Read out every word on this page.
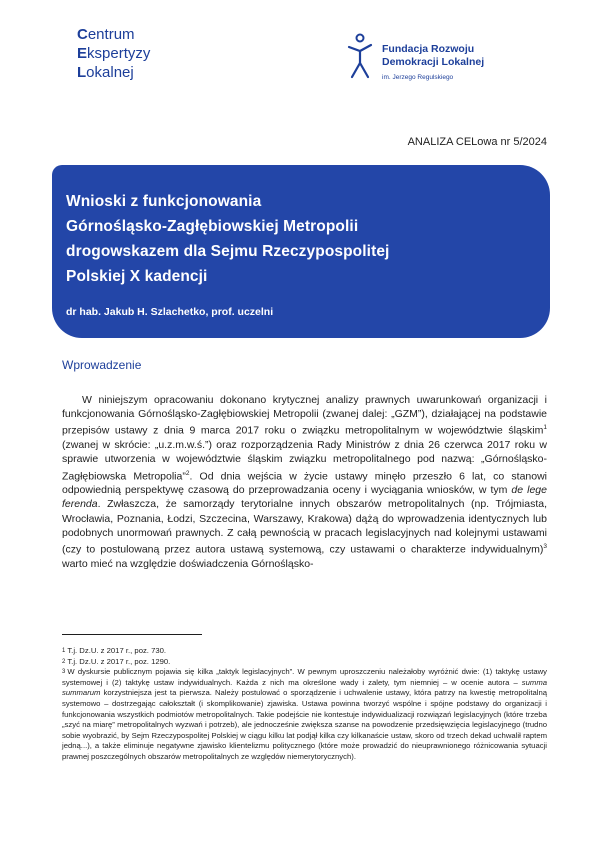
Centrum
Ekspertyzy
Lokalnej
Fundacja Rozwoju
Demokracji Lokalnej
im. Jerzego Regulskiego
ANALIZA CELowa nr 5/2024
Wnioski z funkcjonowania
Górnośląsko-Zagłębiowskiej Metropolii
drogowskazem dla Sejmu Rzeczypospolitej
Polskiej X kadencji
dr hab. Jakub H. Szlachetko, prof. uczelni
Wprowadzenie
W niniejszym opracowaniu dokonano krytycznej analizy prawnych uwarunkowań organizacji i funkcjonowania Górnośląsko-Zagłębiowskiej Metropolii (zwanej dalej: „GZM”), działającej na podstawie przepisów ustawy z dnia 9 marca 2017 roku o związku metropolitalnym w województwie śląskim$^1$ (zwanej w skrócie: „u.z.m.w.ś.”) oraz rozporządzenia Rady Ministrów z dnia 26 czerwca 2017 roku w sprawie utworzenia w województwie śląskim związku metropolitalnego pod nazwą: „Górnośląsko-Zagłębiowska Metropolia”$^2$. Od dnia wejścia w życie ustawy minęło przeszło 6 lat, co stanowi odpowiednią perspektywę czasową do przeprowadzania oceny i wyciągania wniosków, w tym de lege ferenda. Zwłaszcza, że samorządy terytorialne innych obszarów metropolitalnych (np. Trójmiasta, Wrocławia, Poznania, Łodzi, Szczecina, Warszawy, Krakowa) dążą do wprowadzenia identycznych lub podobnych unormowań prawnych. Z całą pewnością w pracach legislacyjnych nad kolejnymi ustawami (czy to postulowaną przez autora ustawą systemową, czy ustawami o charakterze indywidualnym)$^3$ warto mieć na względzie doświadczenia Górnośląsko-

$^1$ T.j. Dz.U. z 2017 r., poz. 730.

$^2$ T.j. Dz.U. z 2017 r., poz. 1290.

$^3$ W dyskursie publicznym pojawia się kilka „taktyk legislacyjnych”. W pewnym uproszczeniu należałoby wyróżnić dwie: (1) taktykę ustawy systemowej i (2) taktykę ustaw indywidualnych. Każda z nich ma określone wady i zalety, tym niemniej – w ocenie autora – summa summarum korzystniejsza jest ta pierwsza. Należy postulować o sporządzenie i uchwalenie ustawy, która patrzy na kwestię metropolitalną systemowo – dostrzegając całokształt (i skomplikowanie) zjawiska. Ustawa powinna tworzyć wspólne i spójne podstawy do organizacji i funkcjonowania wszystkich podmiotów metropolitalnych. Takie podejście nie kontestuje indywidualizacji rozwiązań legislacyjnych (które trzeba „szyć na miarę” metropolitalnych wyzwań i potrzeb), ale jednocześnie zwiększa szanse na powodzenie przedsięwzięcia legislacyjnego (trudno sobie wyobrazić, by Sejm Rzeczypospolitej Polskiej w ciągu kilku lat podjął kilka czy kilkanaście ustaw, skoro od trzech dekad uchwalił raptem jedną...), a także eliminuje negatywne zjawisko klientelizmu politycznego (które może prowadzić do nieuprawnionego różnicowania sytuacji prawnej poszczególnych obszarów metropolitalnych ze względów niemerytorycznych).
